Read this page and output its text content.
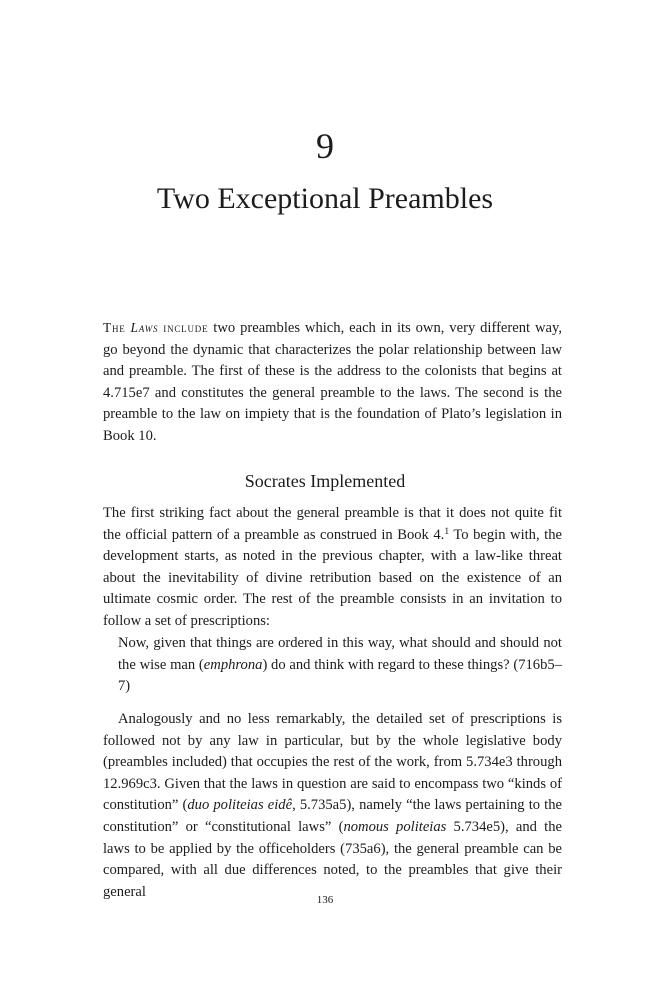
9
Two Exceptional Preambles

The Laws include two preambles which, each in its own, very different way, go beyond the dynamic that characterizes the polar relationship between law and preamble. The first of these is the address to the colonists that begins at 4.715e7 and constitutes the general preamble to the laws. The second is the preamble to the law on impiety that is the foundation of Plato’s legislation in Book 10.

Socrates Implemented

The first striking fact about the general preamble is that it does not quite fit the official pattern of a preamble as construed in Book 4.$^1$ To begin with, the development starts, as noted in the previous chapter, with a law-like threat about the inevitability of divine retribution based on the existence of an ultimate cosmic order. The rest of the preamble consists in an invitation to follow a set of prescriptions:

Now, given that things are ordered in this way, what should and should not the wise man (emphrona) do and think with regard to these things? (716b5–7)

Analogously and no less remarkably, the detailed set of prescriptions is followed not by any law in particular, but by the whole legislative body (preambles included) that occupies the rest of the work, from 5.734e3 through 12.969c3. Given that the laws in question are said to encompass two “kinds of constitution” (duo politeias eidê, 5.735a5), namely “the laws pertaining to the constitution” or “constitutional laws” (nomous politeias 5.734e5), and the laws to be applied by the officeholders (735a6), the general preamble can be compared, with all due differences noted, to the preambles that give their general

136
